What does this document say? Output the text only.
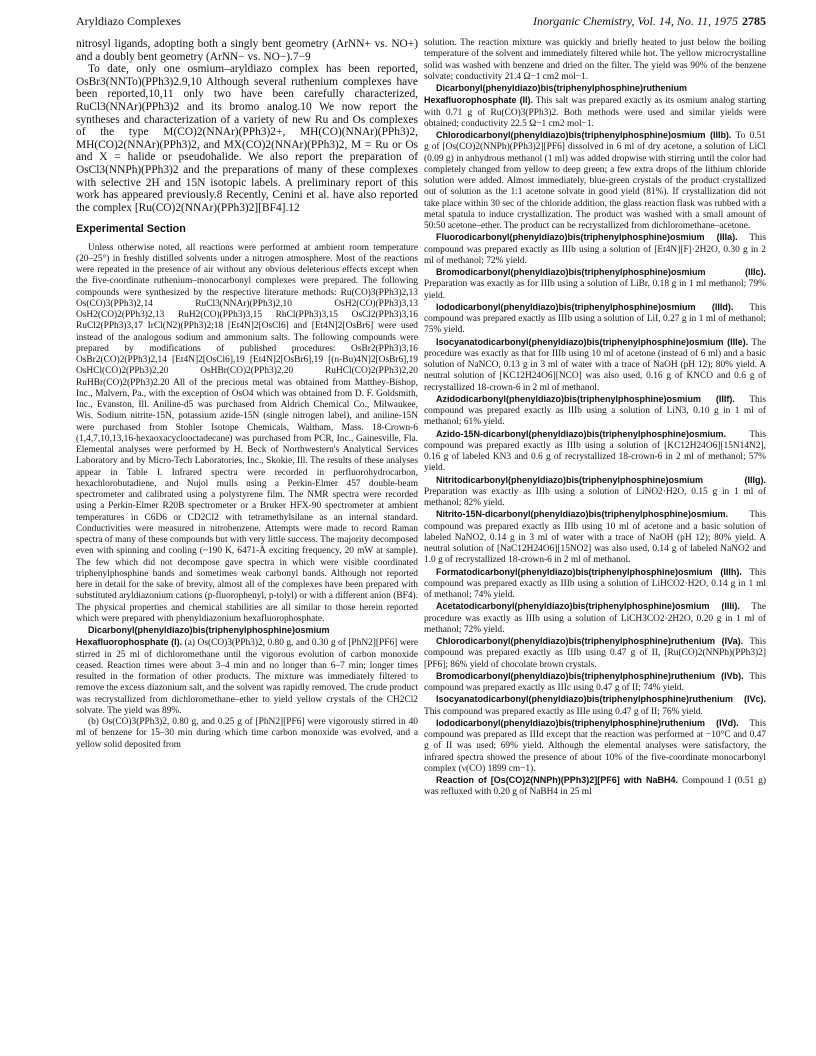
Aryldiazo Complexes	Inorganic Chemistry, Vol. 14, No. 11, 1975 2785

nitrosyl ligands, adopting both a singly bent geometry (ArNN+ vs. NO+) and a doubly bent geometry (ArNN− vs. NO−).7−9

To date, only one osmium–aryldiazo complex has been reported, OsBr3(NNTo)(PPh3)2.9,10 Although several ruthenium complexes have been reported,10,11 only two have been carefully characterized, RuCl3(NNAr)(PPh3)2 and its bromo analog.10 We now report the syntheses and characterization of a variety of new Ru and Os complexes of the type M(CO)2(NNAr)(PPh3)2+, MH(CO)(NNAr)(PPh3)2, MH(CO)2(NNAr)(PPh3)2, and MX(CO)2(NNAr)(PPh3)2, M = Ru or Os and X = halide or pseudohalide. We also report the preparation of OsCl3(NNPh)(PPh3)2 and the preparations of many of these complexes with selective 2H and 15N isotopic labels. A preliminary report of this work has appeared previously.8 Recently, Cenini et al. have also reported the complex [Ru(CO)2(NNAr)(PPh3)2][BF4].12

Experimental Section

Unless otherwise noted, all reactions were performed at ambient room temperature (20–25°) in freshly distilled solvents under a nitrogen atmosphere. Most of the reactions were repeated in the presence of air without any obvious deleterious effects except when the five-coordinate ruthenium–monocarbonyl complexes were prepared. The following compounds were synthesized by the respective literature methods: Ru(CO)3(PPh3)2,13 Os(CO)3(PPh3)2,14 RuCl3(NNAr)(PPh3)2,10 OsH2(CO)(PPh3)3,13 OsH2(CO)2(PPh3)2,13 RuH2(CO)(PPh3)3,15 RhCl(PPh3)3,15 OsCl2(PPh3)3,16 RuCl2(PPh3)3,17 IrCl(N2)(PPh3)2;18 [Et4N]2[OsCl6] and [Et4N]2[OsBr6] were used instead of the analogous sodium and ammonium salts. The following compounds were prepared by modifications of published procedures: OsBr2(PPh3)3,16 OsBr2(CO)2(PPh3)2,14 [Et4N]2[OsCl6],19 [Et4N]2[OsBr6],19 [(n-Bu)4N]2[OsBr6],19 OsHCl(CO)2(PPh3)2,20 OsHBr(CO)2(PPh3)2,20 RuHCl(CO)2(PPh3)2,20 RuHBr(CO)2(PPh3)2.20 All of the precious metal was obtained from Matthey-Bishop, Inc., Malvern, Pa., with the exception of OsO4 which was obtained from D. F. Goldsmith, Inc., Evanston, Ill. Aniline-d5 was purchased from Aldrich Chemical Co., Milwaukee, Wis. Sodium nitrite-15N, potassium azide-15N (single nitrogen label), and aniline-15N were purchased from Stohler Isotope Chemicals, Waltham, Mass. 18-Crown-6 (1,4,7,10,13,16-hexaoxacyclooctadecane) was purchased from PCR, Inc., Gainesville, Fla. Elemental analyses were performed by H. Beck of Northwestern's Analytical Services Laboratory and by Micro-Tech Laboratories, Inc., Skokie, Ill. The results of these analyses appear in Table I. Infrared spectra were recorded in perfluorohydrocarbon, hexachlorobutadiene, and Nujol mulls using a Perkin-Elmer 457 double-beam spectrometer and calibrated using a polystyrene film. The NMR spectra were recorded using a Perkin-Elmer R20B spectrometer or a Bruker HFX-90 spectrometer at ambient temperatures in C6D6 or CD2Cl2 with tetramethylsilane as an internal standard. Conductivities were measured in nitrobenzene. Attempts were made to record Raman spectra of many of these compounds but with very little success. The majority decomposed even with spinning and cooling (~190 K, 6471-Å exciting frequency, 20 mW at sample). The few which did not decompose gave spectra in which were visible coordinated triphenylphosphine bands and sometimes weak carbonyl bands. Although not reported here in detail for the sake of brevity, almost all of the complexes have been prepared with substituted aryldiazonium cations (p-fluorophenyl, p-tolyl) or with a different anion (BF4). The physical properties and chemical stabilities are all similar to those herein reported which were prepared with phenyldiazonium hexafluorophosphate.

Dicarbonyl(phenyldiazo)bis(triphenylphosphine)osmium Hexafluorophosphate (I). (a) Os(CO)3(PPh3)2, 0.80 g, and 0.30 g of [PhN2][PF6] were stirred in 25 ml of dichloromethane until the vigorous evolution of carbon monoxide ceased. Reaction times were about 3–4 min and no longer than 6–7 min; longer times resulted in the formation of other products. The mixture was immediately filtered to remove the excess diazonium salt, and the solvent was rapidly removed. The crude product was recrystallized from dichloromethane–ether to yield yellow crystals of the CH2Cl2 solvate. The yield was 89%.

(b) Os(CO)3(PPh3)2, 0.80 g, and 0.25 g of [PhN2][PF6] were vigorously stirred in 40 ml of benzene for 15–30 min during which time carbon monoxide was evolved, and a yellow solid deposited from

solution. The reaction mixture was quickly and briefly heated to just below the boiling temperature of the solvent and immediately filtered while hot. The yellow microcrystalline solid was washed with benzene and dried on the filter. The yield was 90% of the benzene solvate; conductivity 21.4 Ω−1 cm2 mol−1.

Dicarbonyl(phenyldiazo)bis(triphenylphosphine)ruthenium Hexafluorophosphate (II). This salt was prepared exactly as its osmium analog starting with 0.71 g of Ru(CO)3(PPh3)2. Both methods were used and similar yields were obtained; conductivity 22.5 Ω−1 cm2 mol−1.

Chlorodicarbonyl(phenyldiazo)bis(triphenylphosphine)osmium (IIIb). To 0.51 g of [Os(CO)2(NNPh)(PPh3)2][PF6] dissolved in 6 ml of dry acetone, a solution of LiCl (0.09 g) in anhydrous methanol (1 ml) was added dropwise with stirring until the color had completely changed from yellow to deep green; a few extra drops of the lithium chloride solution were added. Almost immediately, blue-green crystals of the product crystallized out of solution as the 1:1 acetone solvate in good yield (81%). If crystallization did not take place within 30 sec of the chloride addition, the glass reaction flask was rubbed with a metal spatula to induce crystallization. The product was washed with a small amount of 50:50 acetone–ether. The product can be recrystallized from dichloromethane–acetone.

Fluorodicarbonyl(phenyldiazo)bis(triphenylphosphine)osmium (IIIa). This compound was prepared exactly as IIIb using a solution of [Et4N][F]·2H2O, 0.30 g in 2 ml of methanol; 72% yield.

Bromodicarbonyl(phenyldiazo)bis(triphenylphosphine)osmium (IIIc). Preparation was exactly as for IIIb using a solution of LiBr, 0.18 g in 1 ml methanol; 79% yield.

Iododicarbonyl(phenyldiazo)bis(triphenylphosphine)osmium (IIId). This compound was prepared exactly as IIIb using a solution of LiI, 0.27 g in 1 ml of methanol; 75% yield.

Isocyanatodicarbonyl(phenyldiazo)bis(triphenylphosphine)osmium (IIIe). The procedure was exactly as that for IIIb using 10 ml of acetone (instead of 6 ml) and a basic solution of NaNCO, 0.13 g in 3 ml of water with a trace of NaOH (pH 12); 80% yield. A neutral solution of [KC12H24O6][NCO] was also used, 0.16 g of KNCO and 0.6 g of recrystallized 18-crown-6 in 2 ml of methanol.

Azidodicarbonyl(phenyldiazo)bis(triphenylphosphine)osmium (IIIf). This compound was prepared exactly as IIIb using a solution of LiN3, 0.10 g in 1 ml of methanol; 61% yield.

Azido-15N-dicarbonyl(phenyldiazo)bis(triphenylphosphine)osmium. This compound was prepared exactly as IIIb using a solution of [KC12H24O6][15N14N2], 0.16 g of labeled KN3 and 0.6 g of recrystallized 18-crown-6 in 2 ml of methanol; 57% yield.

Nitritodicarbonyl(phenyldiazo)bis(triphenylphosphine)osmium (IIIg). Preparation was exactly as IIIb using a solution of LiNO2·H2O, 0.15 g in 1 ml of methanol; 82% yield.

Nitrito-15N-dicarbonyl(phenyldiazo)bis(triphenylphosphine)osmium. This compound was prepared exactly as IIIb using 10 ml of acetone and a basic solution of labeled NaNO2, 0.14 g in 3 ml of water with a trace of NaOH (pH 12); 80% yield. A neutral solution of [NaC12H24O6][15NO2] was also used, 0.14 g of labeled NaNO2 and 1.0 g of recrystallized 18-crown-6 in 2 ml of methanol.

Formatodicarbonyl(phenyldiazo)bis(triphenylphosphine)osmium (IIIh). This compound was prepared exactly as IIIb using a solution of LiHCO2·H2O, 0.14 g in 1 ml of methanol; 74% yield.

Acetatodicarbonyl(phenyldiazo)bis(triphenylphosphine)osmium (IIIi). The procedure was exactly as IIIb using a solution of LiCH3CO2·2H2O, 0.20 g in 1 ml of methanol; 72% yield.

Chlorodicarbonyl(phenyldiazo)bis(triphenylphosphine)ruthenium (IVa). This compound was prepared exactly as IIIb using 0.47 g of II, [Ru(CO)2(NNPh)(PPh3)2][PF6]; 86% yield of chocolate brown crystals.

Bromodicarbonyl(phenyldiazo)bis(triphenylphosphine)ruthenium (IVb). This compound was prepared exactly as IIIc using 0.47 g of II; 74% yield.

Isocyanatodicarbonyl(phenyldiazo)bis(triphenylphosphine)ruthenium (IVc). This compound was prepared exactly as IIIe using 0.47 g of II; 76% yield.

Iododicarbonyl(phenyldiazo)bis(triphenylphosphine)ruthenium (IVd). This compound was prepared as IIId except that the reaction was performed at −10°C and 0.47 g of II was used; 69% yield. Although the elemental analyses were satisfactory, the infrared spectra showed the presence of about 10% of the five-coordinate monocarbonyl complex (ν(CO) 1899 cm−1).

Reaction of [Os(CO)2(NNPh)(PPh3)2][PF6] with NaBH4. Compound I (0.51 g) was refluxed with 0.20 g of NaBH4 in 25 ml
